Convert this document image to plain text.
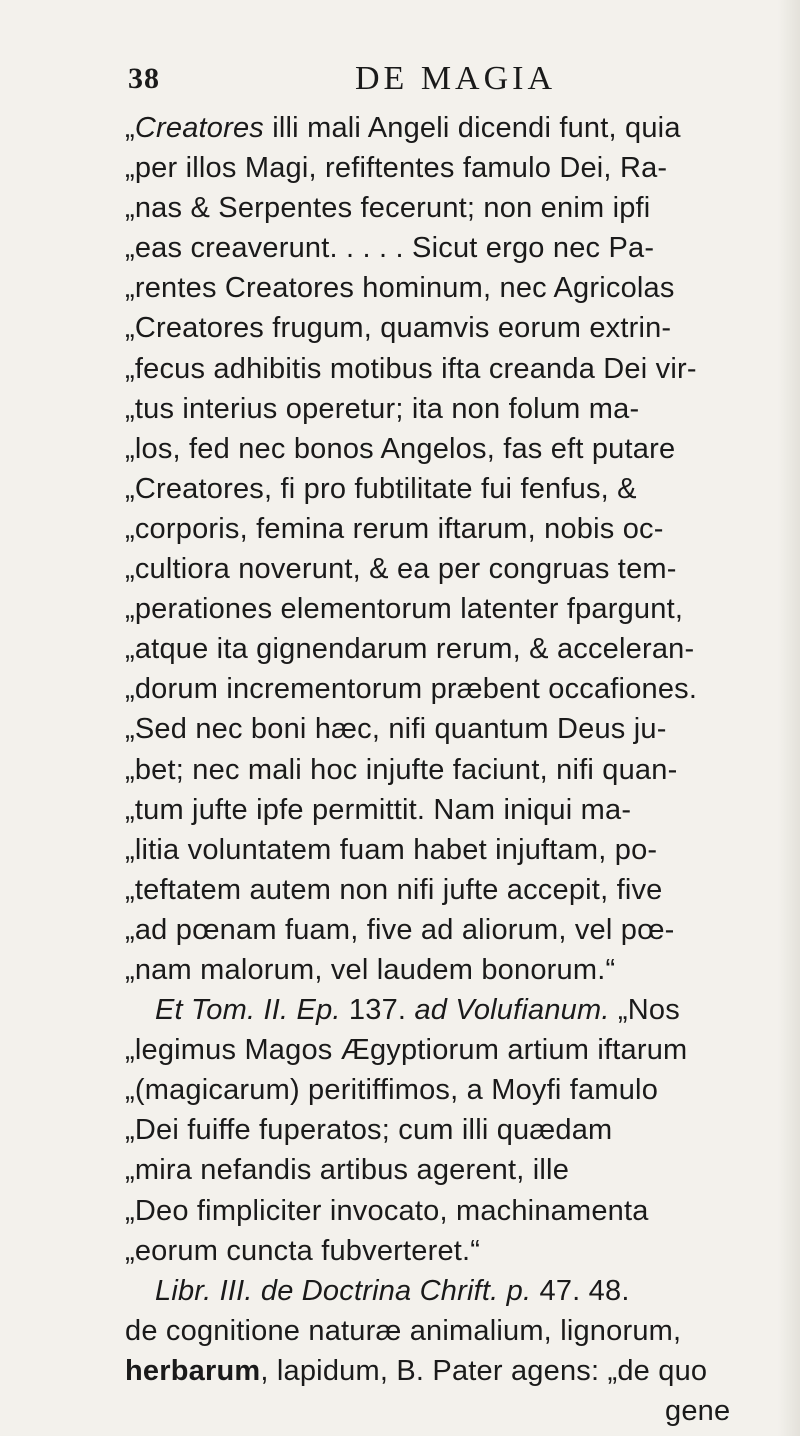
38	DE MAGIA
„Creatores illi mali Angeli dicendi funt, quia
„per illos Magi, refiftentes famulo Dei, Ra-
„nas & Serpentes fecerunt; non enim ipfi
„eas creaverunt. . . . . Sicut ergo nec Pa-
„rentes Creatores hominum, nec Agricolas
„Creatores frugum, quamvis eorum extrin-
„fecus adhibitis motibus ifta creanda Dei vir-
„tus interius operetur; ita non folum ma-
„los, fed nec bonos Angelos, fas eft putare
„Creatores, fi pro fubtilitate fui fenfus, &
„corporis, femina rerum iftarum, nobis oc-
„cultiora noverunt, & ea per congruas tem-
„perationes elementorum latenter fpargunt,
„atque ita gignendarum rerum, & acceleran-
„dorum incrementorum præbent occafiones.
„Sed nec boni hæc, nifi quantum Deus ju-
„bet; nec mali hoc injufte faciunt, nifi quan-
„tum jufte ipfe permittit. Nam iniqui ma-
„litia voluntatem fuam habet injuftam, po-
„teftatem autem non nifi jufte accepit, five
„ad pœnam fuam, five ad aliorum, vel pœ-
„nam malorum, vel laudem bonorum.“
Et Tom. II. Ep. 137. ad Volufianum. „Nos
„legimus Magos Ægyptiorum artium iftarum
„(magicarum) peritiffimos, a Moyfi famulo
„Dei fuiffe fuperatos; cum illi quædam
„mira nefandis artibus agerent, ille
„Deo fimpliciter invocato, machinamenta
„eorum cuncta fubverteret.“
Libr. III. de Doctrina Chrift. p. 47. 48.
de cognitione naturæ animalium, lignorum,
herbarum, lapidum, B. Pater agens: „de quo
gene
